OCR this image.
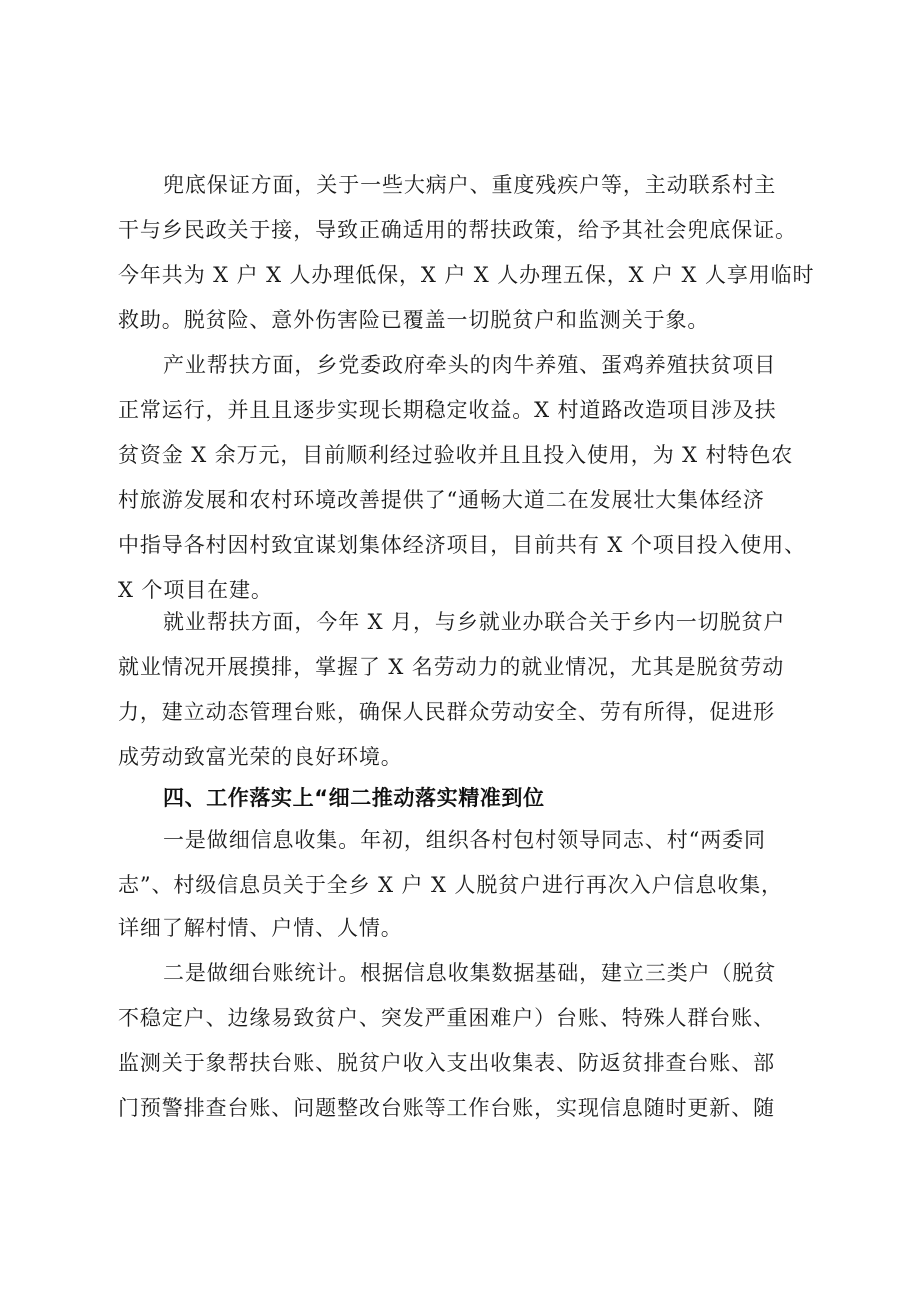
兜底保证方面，关于一些大病户、重度残疾户等，主动联系村主
干与乡民政关于接，导致正确适用的帮扶政策，给予其社会兜底保证。
今年共为 X 户 X 人办理低保，X 户 X 人办理五保，X 户 X 人享用临时
救助。脱贫险、意外伤害险已覆盖一切脱贫户和监测关于象。
产业帮扶方面，乡党委政府牵头的肉牛养殖、蛋鸡养殖扶贫项目
正常运行，并且且逐步实现长期稳定收益。X 村道路改造项目涉及扶
贫资金 X 余万元，目前顺利经过验收并且且投入使用，为 X 村特色农
村旅游发展和农村环境改善提供了“通畅大道二在发展壮大集体经济
中指导各村因村致宜谋划集体经济项目，目前共有 X 个项目投入使用、
X 个项目在建。
就业帮扶方面，今年 X 月，与乡就业办联合关于乡内一切脱贫户
就业情况开展摸排，掌握了 X 名劳动力的就业情况，尤其是脱贫劳动
力，建立动态管理台账，确保人民群众劳动安全、劳有所得，促进形
成劳动致富光荣的良好环境。
四、工作落实上“细二推动落实精准到位
一是做细信息收集。年初，组织各村包村领导同志、村“两委同
志”、村级信息员关于全乡 X 户 X 人脱贫户进行再次入户信息收集，
详细了解村情、户情、人情。
二是做细台账统计。根据信息收集数据基础，建立三类户（脱贫
不稳定户、边缘易致贫户、突发严重困难户）台账、特殊人群台账、
监测关于象帮扶台账、脱贫户收入支出收集表、防返贫排查台账、部
门预警排查台账、问题整改台账等工作台账，实现信息随时更新、随
